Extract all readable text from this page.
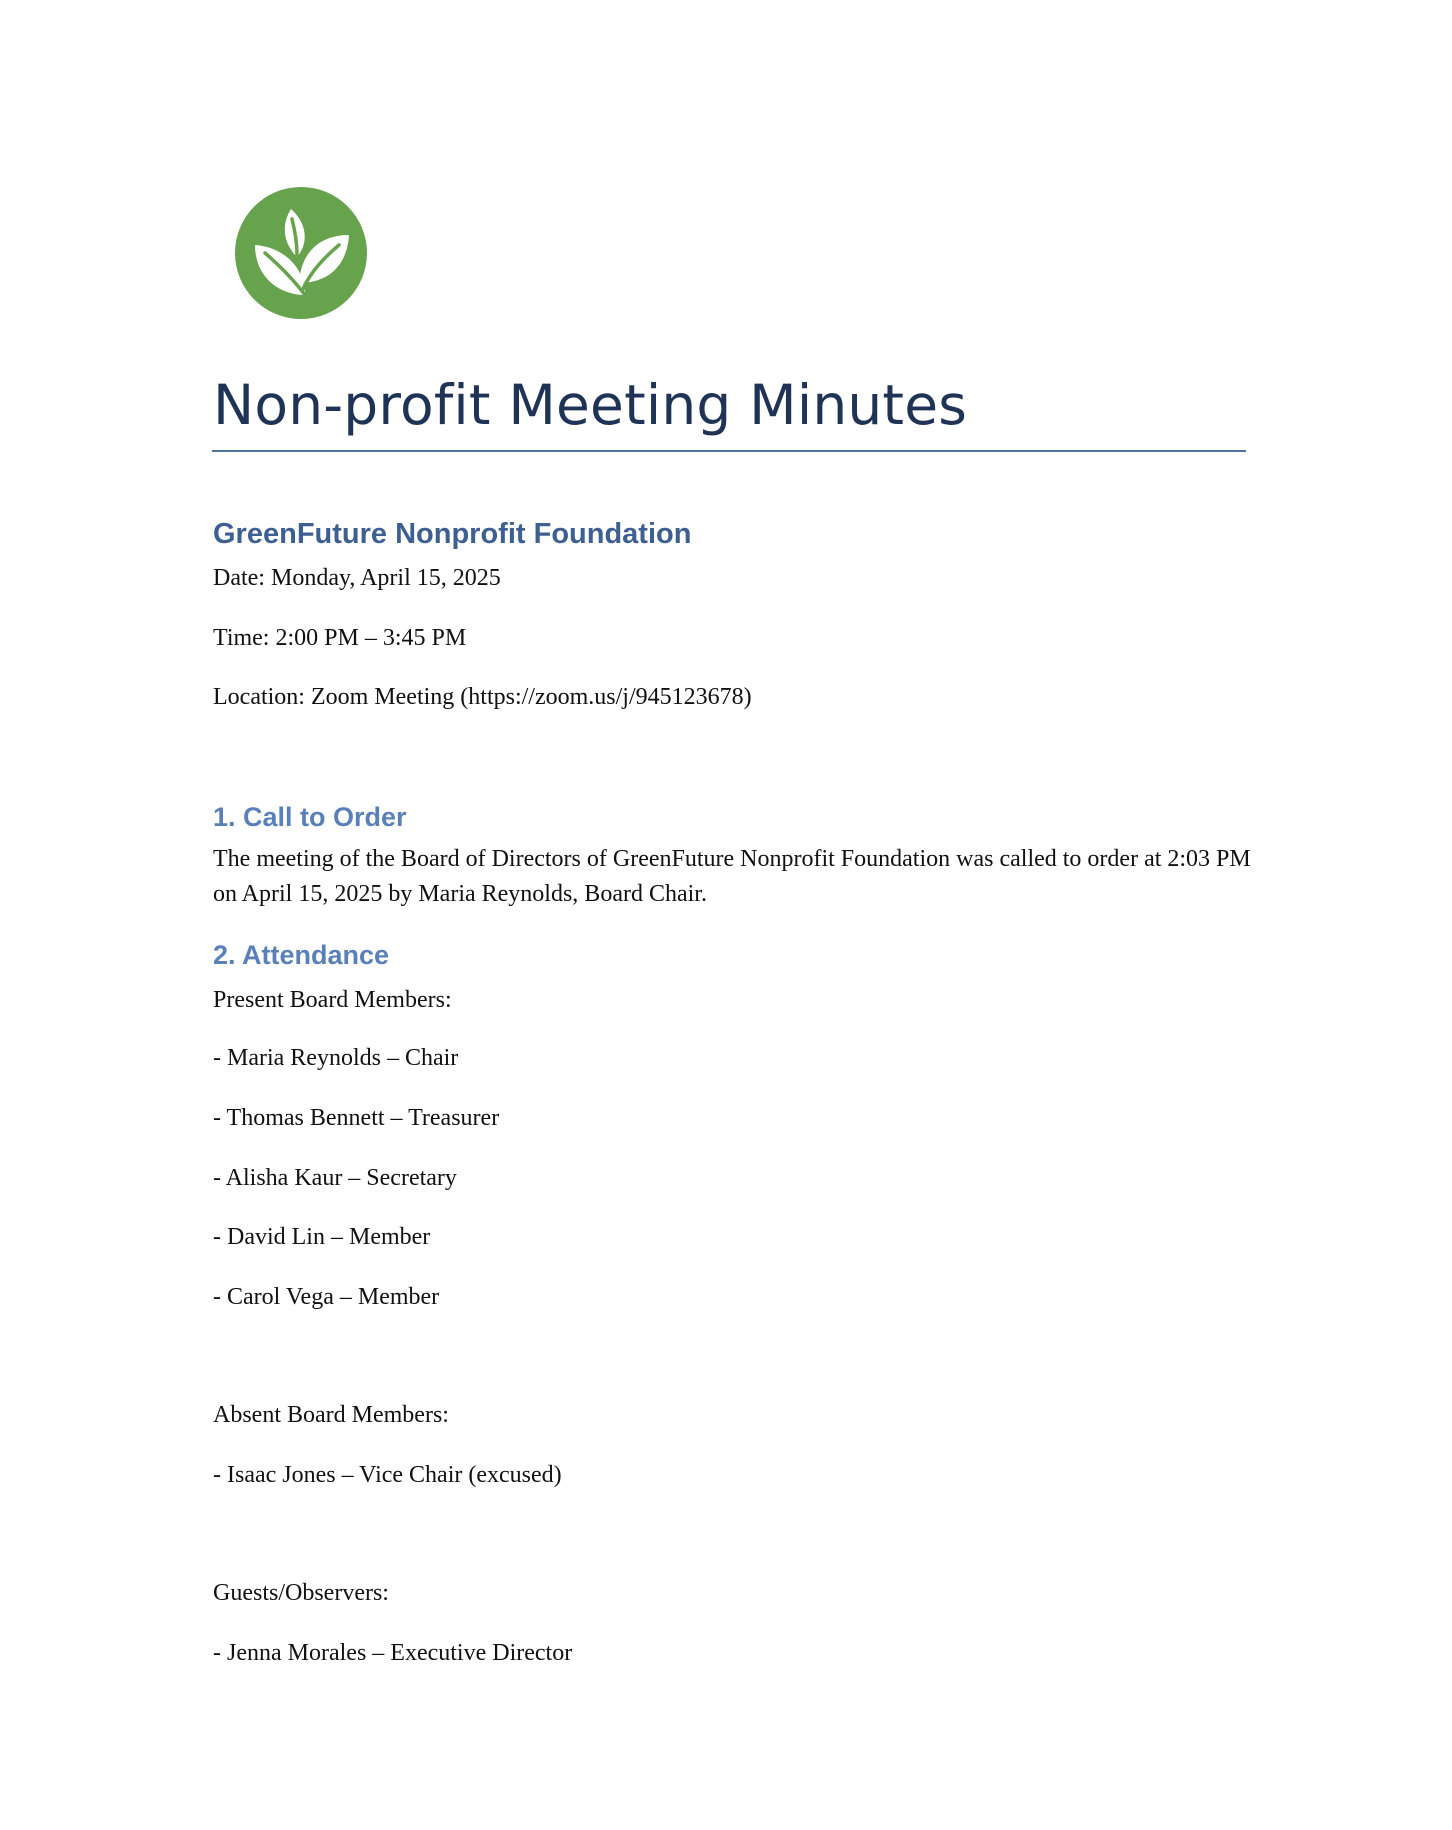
Non-profit Meeting Minutes
GreenFuture Nonprofit Foundation

Date: Monday, April 15, 2025

Time: 2:00 PM – 3:45 PM

Location: Zoom Meeting (https://zoom.us/j/945123678)

1. Call to Order

The meeting of the Board of Directors of GreenFuture Nonprofit Foundation was called to order at 2:03 PM on April 15, 2025 by Maria Reynolds, Board Chair.

2. Attendance

Present Board Members:

- Maria Reynolds – Chair

- Thomas Bennett – Treasurer

- Alisha Kaur – Secretary

- David Lin – Member

- Carol Vega – Member

Absent Board Members:

- Isaac Jones – Vice Chair (excused)

Guests/Observers:

- Jenna Morales – Executive Director
